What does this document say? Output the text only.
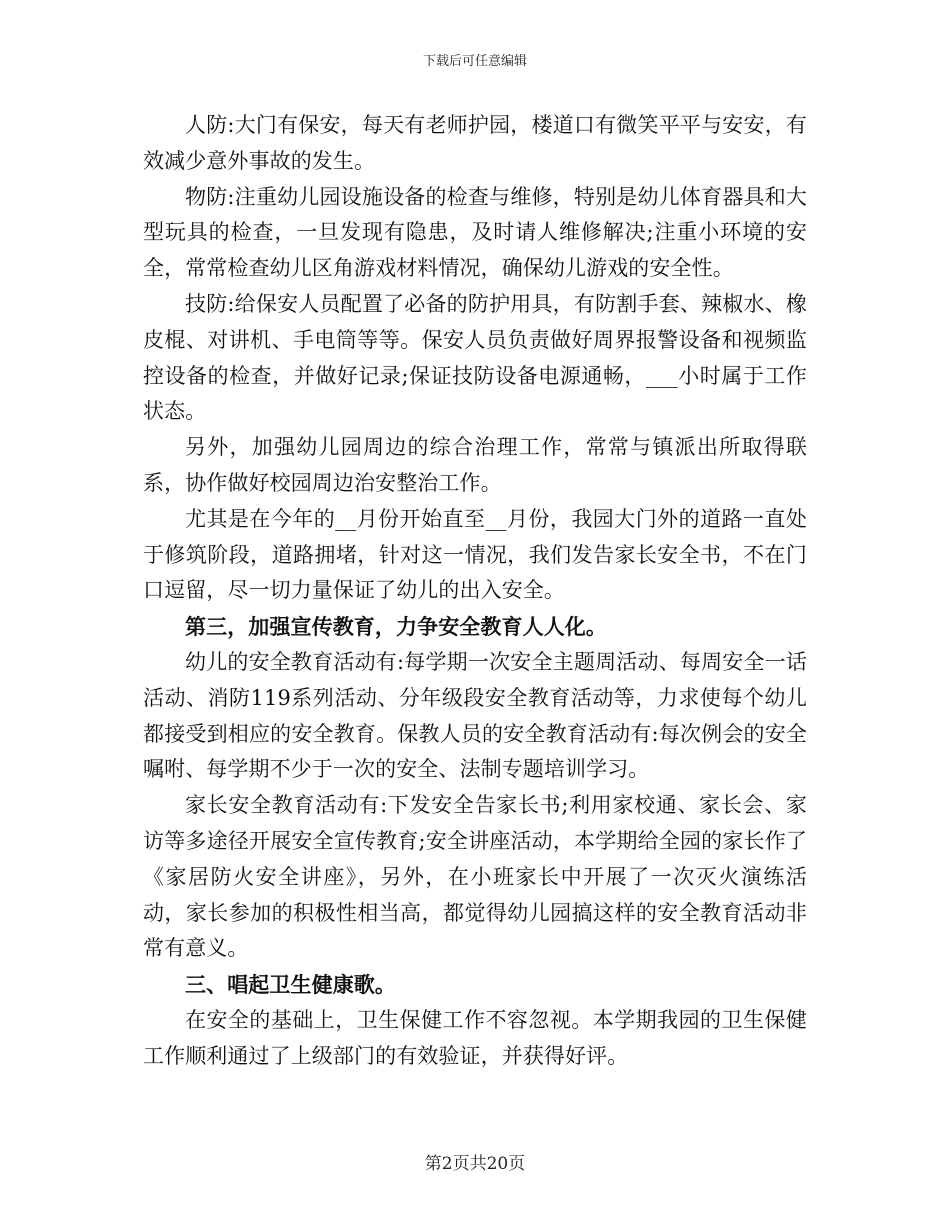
下载后可任意编辑

人防:大门有保安，每天有老师护园，楼道口有微笑平平与安安，有效减少意外事故的发生。

物防:注重幼儿园设施设备的检查与维修，特别是幼儿体育器具和大型玩具的检查，一旦发现有隐患，及时请人维修解决;注重小环境的安全，常常检查幼儿区角游戏材料情况，确保幼儿游戏的安全性。

技防:给保安人员配置了必备的防护用具，有防割手套、辣椒水、橡皮棍、对讲机、手电筒等等。保安人员负责做好周界报警设备和视频监控设备的检查，并做好记录;保证技防设备电源通畅，___小时属于工作状态。

另外，加强幼儿园周边的综合治理工作，常常与镇派出所取得联系，协作做好校园周边治安整治工作。

尤其是在今年的__月份开始直至__月份，我园大门外的道路一直处于修筑阶段，道路拥堵，针对这一情况，我们发告家长安全书，不在门口逗留，尽一切力量保证了幼儿的出入安全。

第三，加强宣传教育，力争安全教育人人化。

幼儿的安全教育活动有:每学期一次安全主题周活动、每周安全一话活动、消防119系列活动、分年级段安全教育活动等，力求使每个幼儿都接受到相应的安全教育。保教人员的安全教育活动有:每次例会的安全嘱咐、每学期不少于一次的安全、法制专题培训学习。

家长安全教育活动有:下发安全告家长书;利用家校通、家长会、家访等多途径开展安全宣传教育;安全讲座活动，本学期给全园的家长作了《家居防火安全讲座》，另外，在小班家长中开展了一次灭火演练活动，家长参加的积极性相当高，都觉得幼儿园搞这样的安全教育活动非常有意义。

三、唱起卫生健康歌。

在安全的基础上，卫生保健工作不容忽视。本学期我园的卫生保健工作顺利通过了上级部门的有效验证，并获得好评。

第2页共20页
